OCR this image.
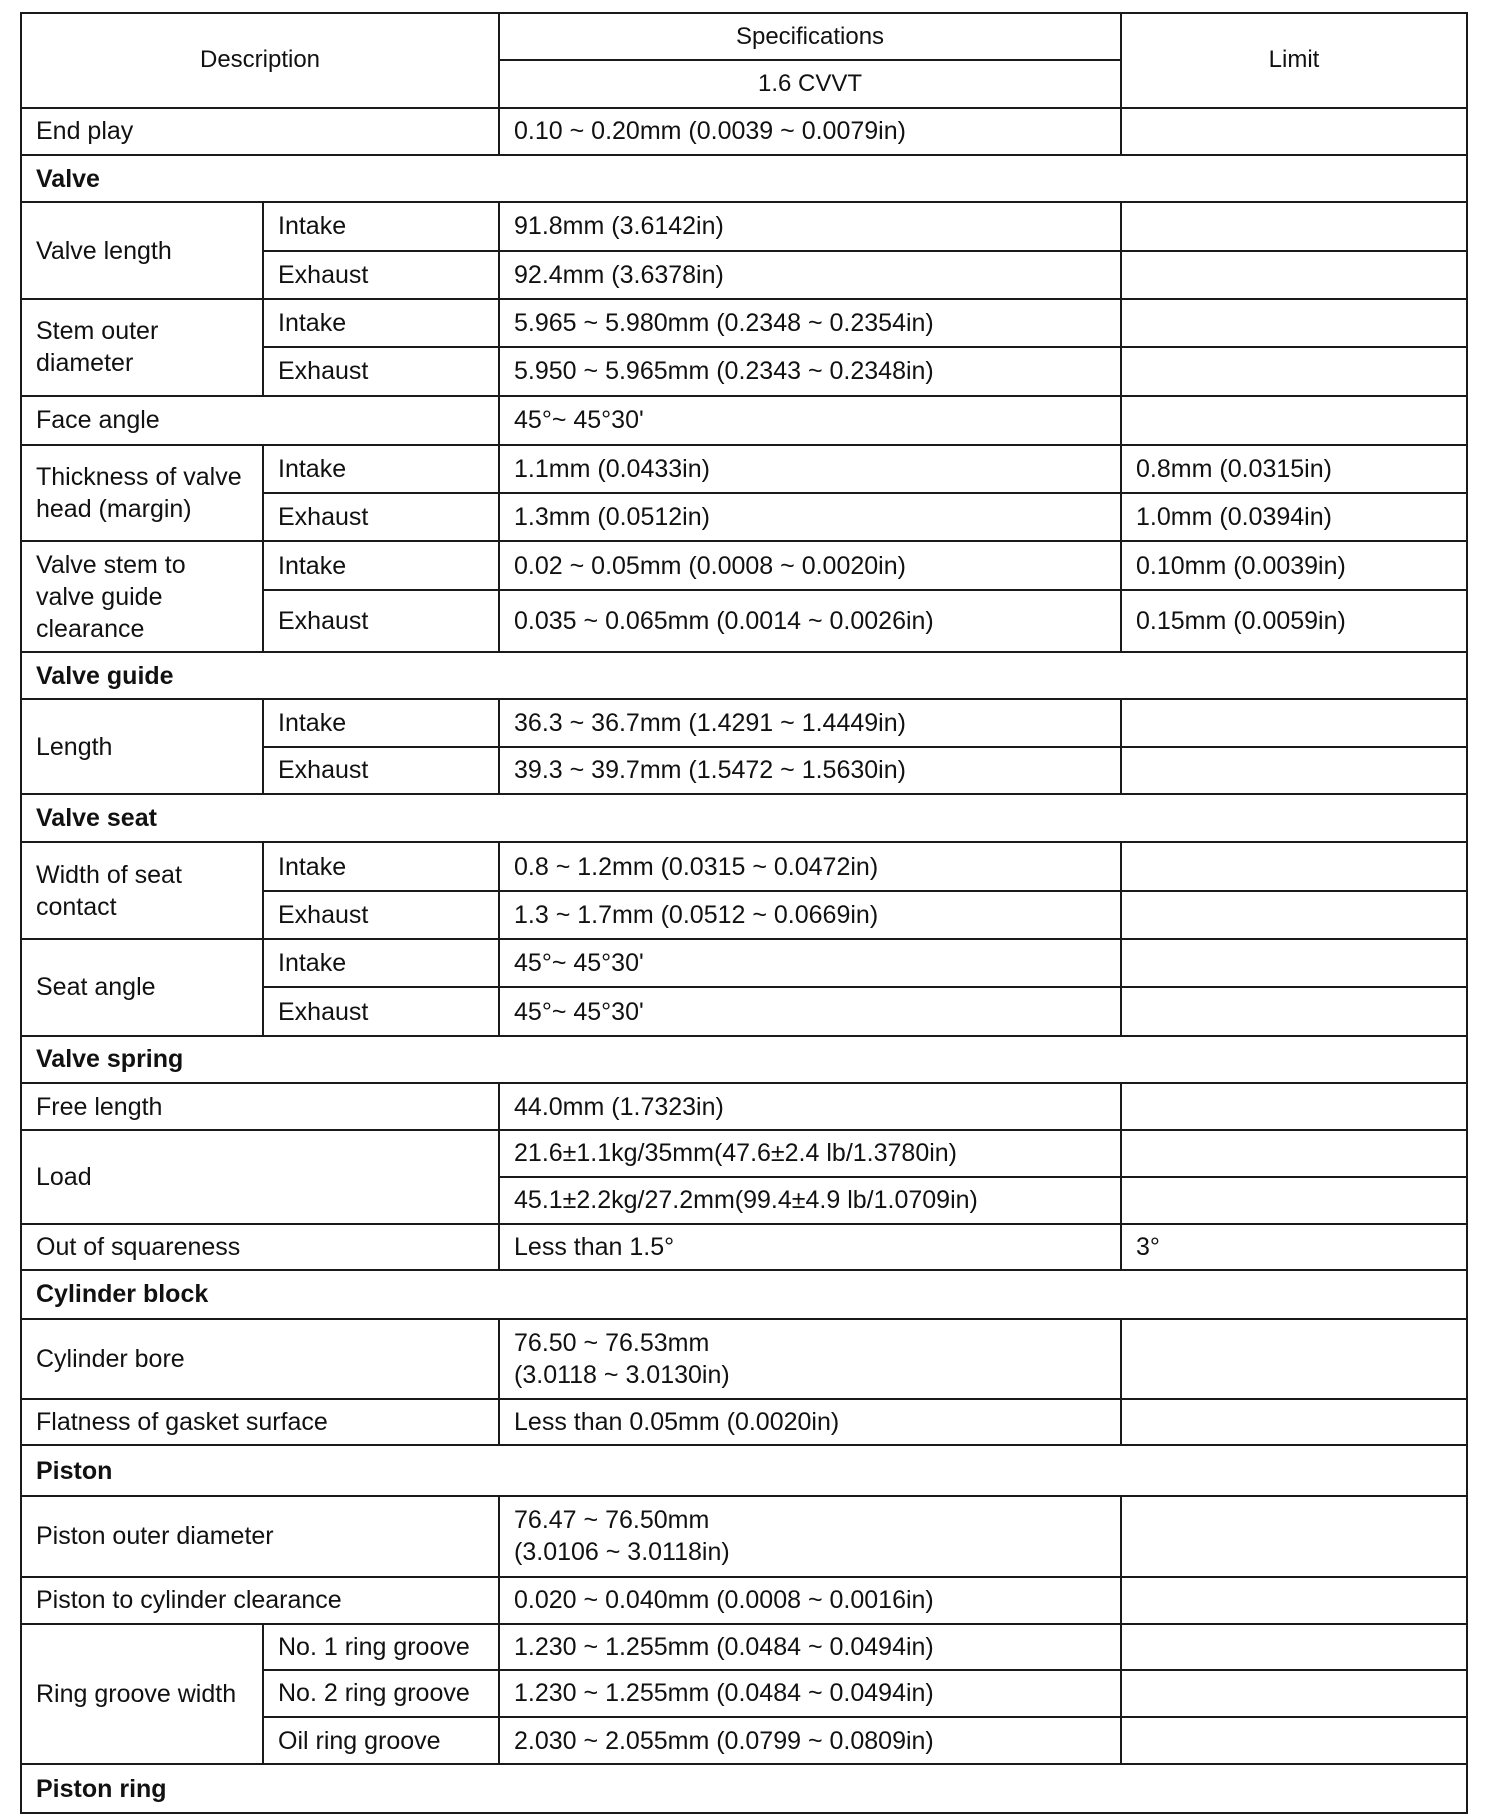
Description		Specifications	Limit
		1.6 CVVT	
End play		0.10 ~ 0.20mm (0.0039 ~ 0.0079in)	
Valve			
Valve length	Intake	91.8mm (3.6142in)	
	Exhaust	92.4mm (3.6378in)	
Stem outer diameter	Intake	5.965 ~ 5.980mm (0.2348 ~ 0.2354in)	
	Exhaust	5.950 ~ 5.965mm (0.2343 ~ 0.2348in)	
Face angle		45°~ 45°30'	
Thickness of valve head (margin)	Intake	1.1mm (0.0433in)	0.8mm (0.0315in)
	Exhaust	1.3mm (0.0512in)	1.0mm (0.0394in)
Valve stem to valve guide clearance	Intake	0.02 ~ 0.05mm (0.0008 ~ 0.0020in)	0.10mm (0.0039in)
	Exhaust	0.035 ~ 0.065mm (0.0014 ~ 0.0026in)	0.15mm (0.0059in)
Valve guide			
Length	Intake	36.3 ~ 36.7mm (1.4291 ~ 1.4449in)	
	Exhaust	39.3 ~ 39.7mm (1.5472 ~ 1.5630in)	
Valve seat			
Width of seat contact	Intake	0.8 ~ 1.2mm (0.0315 ~ 0.0472in)	
	Exhaust	1.3 ~ 1.7mm (0.0512 ~ 0.0669in)	
Seat angle	Intake	45°~ 45°30'	
	Exhaust	45°~ 45°30'	
Valve spring			
Free length		44.0mm (1.7323in)	
Load		21.6±1.1kg/35mm(47.6±2.4 lb/1.3780in)	
		45.1±2.2kg/27.2mm(99.4±4.9 lb/1.0709in)	
Out of squareness		Less than 1.5°	3°
Cylinder block			
Cylinder bore		76.50 ~ 76.53mm
(3.0118 ~ 3.0130in)	

Flatness of gasket surface		Less than 0.05mm (0.0020in)	
Piston			
Piston outer diameter		76.47 ~ 76.50mm
(3.0106 ~ 3.0118in)	

Piston to cylinder clearance		0.020 ~ 0.040mm (0.0008 ~ 0.0016in)	
Ring groove width	No. 1 ring groove	1.230 ~ 1.255mm (0.0484 ~ 0.0494in)	
	No. 2 ring groove	1.230 ~ 1.255mm (0.0484 ~ 0.0494in)	
	Oil ring groove	2.030 ~ 2.055mm (0.0799 ~ 0.0809in)	
Piston ring			
